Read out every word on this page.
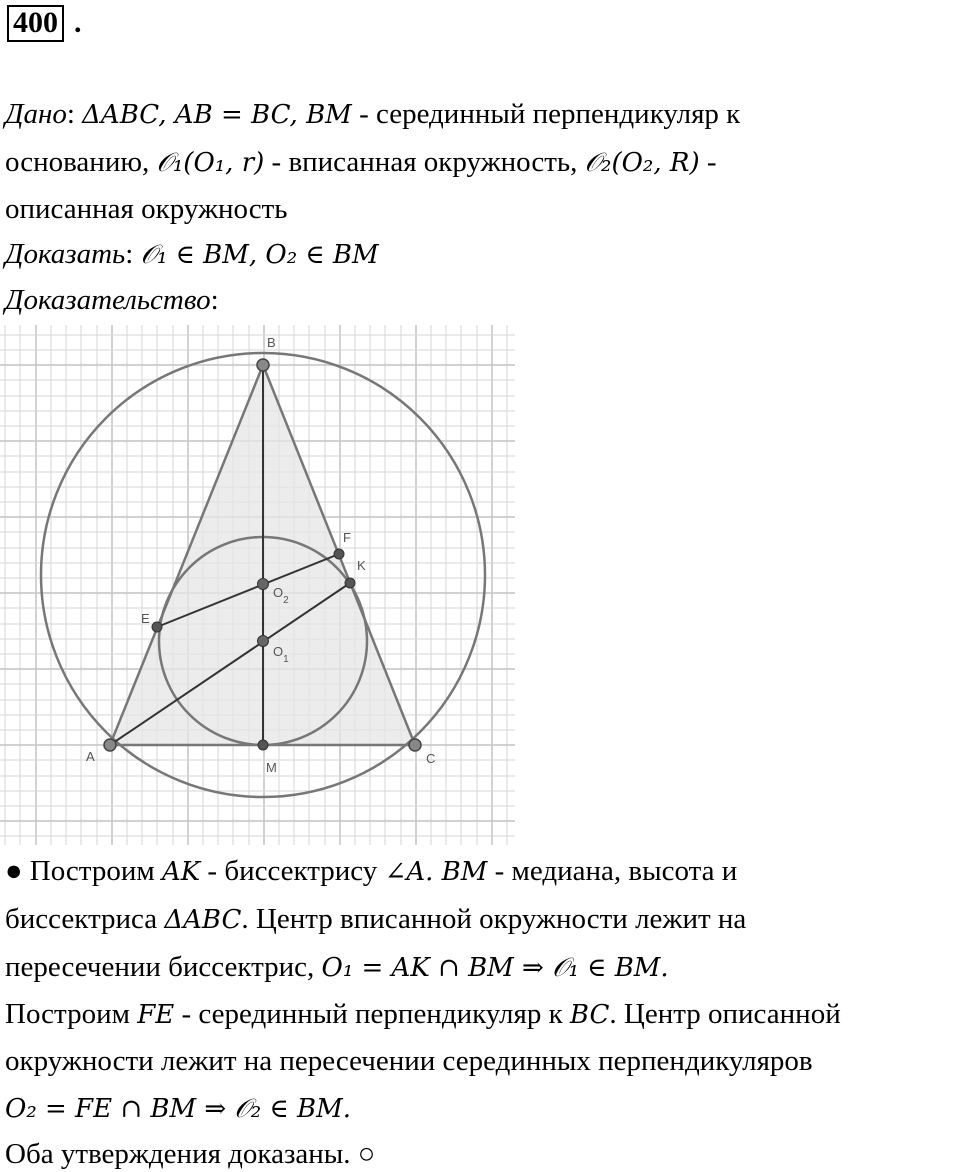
400 .
Дано: ΔABC, AB = BC, BM - серединный перпендикуляр к
основанию, 𝒪₁(O₁, r) - вписанная окружность, 𝒪₂(O₂, R) -
описанная окружность
Доказать: 𝒪₁ ∈ BM, O₂ ∈ BM
Доказательство:
B
F
K
E
A	C
M
$O_2$
$O_1$
● Построим AK - биссектрису ∠A. BM - медиана, высота и
биссектриса ΔABC. Центр вписанной окружности лежит на
пересечении биссектрис, O₁ = AK ∩ BM ⇒ 𝒪₁ ∈ BM.
Построим FE - серединный перпендикуляр к BC. Центр описанной
окружности лежит на пересечении серединных перпендикуляров
O₂ = FE ∩ BM ⇒ 𝒪₂ ∈ BM.
Оба утверждения доказаны. ○
